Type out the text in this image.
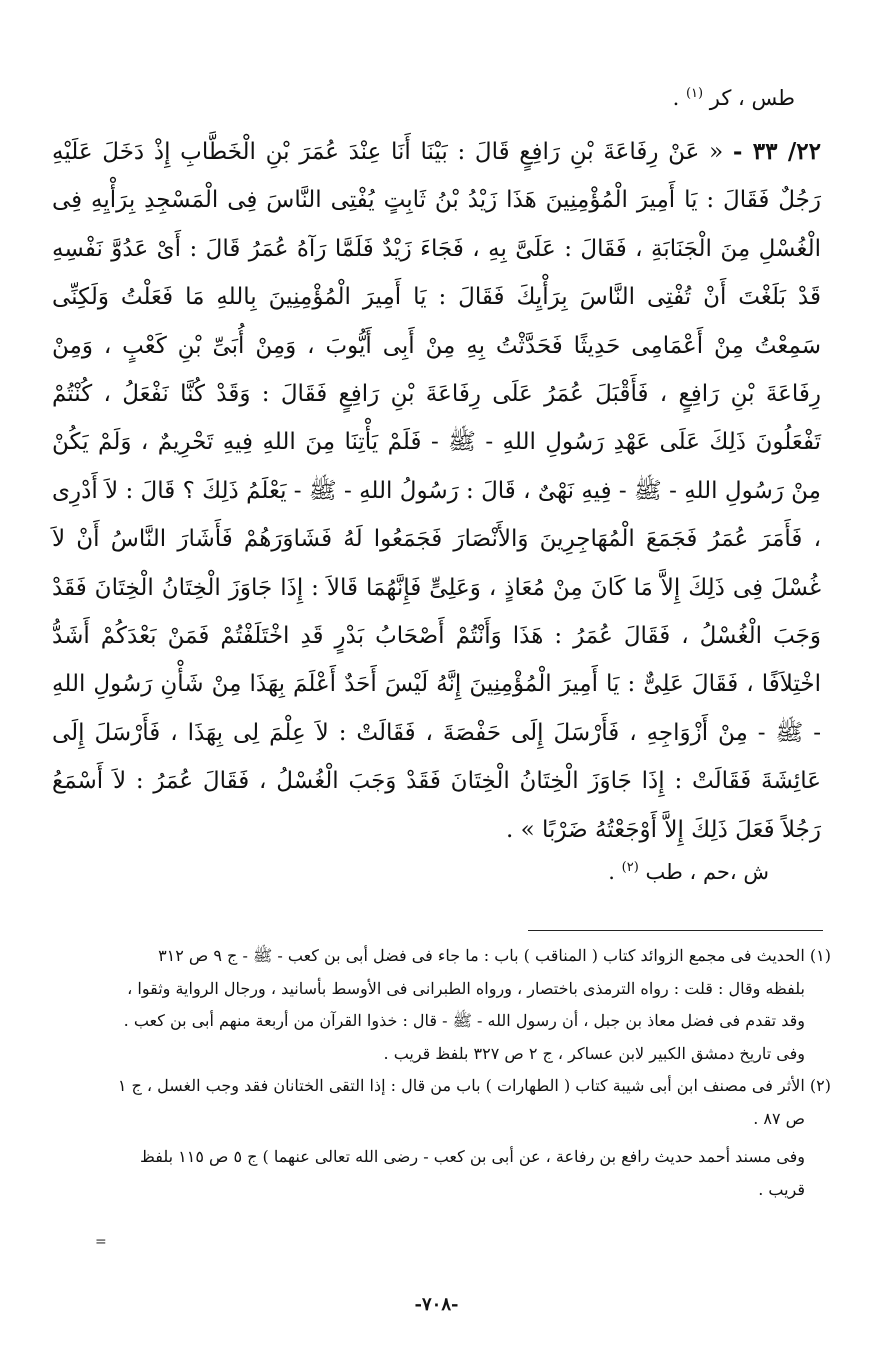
طس ، كر $^{(١)}$ .
٢٢/ ٣٣ - « عَنْ رِفَاعَةَ بْنِ رَافِعٍ قَالَ : بَيْنَا أَنَا عِنْدَ عُمَرَ بْنِ الْخَطَّابِ إِذْ دَخَلَ عَلَيْهِ رَجُلٌ فَقَالَ : يَا أَمِيرَ الْمُؤْمِنِينَ هَذَا زَيْدُ بْنُ ثَابِتٍ يُفْتِى النَّاسَ فِى الْمَسْجِدِ بِرَأْيِهِ فِى الْغُسْلِ مِنَ الْجَنَابَةِ ، فَقَالَ : عَلَىَّ بِهِ ، فَجَاءَ زَيْدٌ فَلَمَّا رَآهُ عُمَرُ قَالَ : أَىْ عَدُوَّ نَفْسِهِ قَدْ بَلَغْتَ أَنْ تُفْتِى النَّاسَ بِرَأْيِكَ فَقَالَ : يَا أَمِيرَ الْمُؤْمِنِينَ بِاللهِ مَا فَعَلْتُ وَلَكِنِّى سَمِعْتُ مِنْ أَعْمَامِى حَدِيثًا فَحَدَّثْتُ بِهِ مِنْ أَبِى أَيُّوبَ ، وَمِنْ أُبَىِّ بْنِ كَعْبٍ ، وَمِنْ رِفَاعَةَ بْنِ رَافِعٍ ، فَأَقْبَلَ عُمَرُ عَلَى رِفَاعَةَ بْنِ رَافِعٍ فَقَالَ : وَقَدْ كُنَّا نَفْعَلُ ، كُنْتُمْ تَفْعَلُونَ ذَلِكَ عَلَى عَهْدِ رَسُولِ اللهِ - ﷺ - فَلَمْ يَأْتِنَا مِنَ اللهِ فِيهِ تَحْرِيمٌ ، وَلَمْ يَكُنْ مِنْ رَسُولِ اللهِ - ﷺ - فِيهِ نَهْىٌ ، قَالَ : رَسُولُ اللهِ - ﷺ - يَعْلَمُ ذَلِكَ ؟ قَالَ : لاَ أَدْرِى ، فَأَمَرَ عُمَرُ فَجَمَعَ الْمُهَاجِرِينَ وَالأَنْصَارَ فَجَمَعُوا لَهُ فَشَاوَرَهُمْ فَأَشَارَ النَّاسُ أَنْ لاَ غُسْلَ فِى ذَلِكَ إِلاَّ مَا كَانَ مِنْ مُعَاذٍ ، وَعَلِىٍّ فَإِنَّهُمَا قَالاَ : إِذَا جَاوَزَ الْخِتَانُ الْخِتَانَ فَقَدْ وَجَبَ الْغُسْلُ ، فَقَالَ عُمَرُ : هَذَا وَأَنْتُمْ أَصْحَابُ بَدْرٍ قَدِ اخْتَلَفْتُمْ فَمَنْ بَعْدَكُمْ أَشَدُّ اخْتِلاَفًا ، فَقَالَ عَلِىٌّ : يَا أَمِيرَ الْمُؤْمِنِينَ إِنَّهُ لَيْسَ أَحَدٌ أَعْلَمَ بِهَذَا مِنْ شَأْنِ رَسُولِ اللهِ - ﷺ - مِنْ أَزْوَاجِهِ ، فَأَرْسَلَ إِلَى حَفْصَةَ ، فَقَالَتْ : لاَ عِلْمَ لِى بِهَذَا ، فَأَرْسَلَ إِلَى عَائِشَةَ فَقَالَتْ : إِذَا جَاوَزَ الْخِتَانُ الْخِتَانَ فَقَدْ وَجَبَ الْغُسْلُ ، فَقَالَ عُمَرُ : لاَ أَسْمَعُ رَجُلاً فَعَلَ ذَلِكَ إِلاَّ أَوْجَعْتُهُ ضَرْبًا » .
ش ،حم ، طب $^{(٢)}$ .
(١) الحديث فى مجمع الزوائد كتاب ( المناقب ) باب : ما جاء فى فضل أبى بن كعب - ﷺ - ج ٩ ص ٣١٢
بلفظه وقال : قلت : رواه الترمذى باختصار ، ورواه الطبرانى فى الأوسط بأسانيد ، ورجال الرواية وثقوا ،
وقد تقدم فى فضل معاذ بن جبل ، أن رسول الله - ﷺ - قال : خذوا القرآن من أربعة منهم أبى بن كعب .
وفى تاريخ دمشق الكبير لابن عساكر ، ج ٢ ص ٣٢٧ بلفظ قريب .
(٢) الأثر فى مصنف ابن أبى شيبة كتاب ( الطهارات ) باب من قال : إذا التقى الختانان فقد وجب الغسل ، ج ١
ص ٨٧ .
وفى مسند أحمد حديث رافع بن رفاعة ، عن أبى بن كعب - رضى الله تعالى عنهما ) ج ٥ ص ١١٥ بلفظ
قريب .
=
-٧٠٨-
